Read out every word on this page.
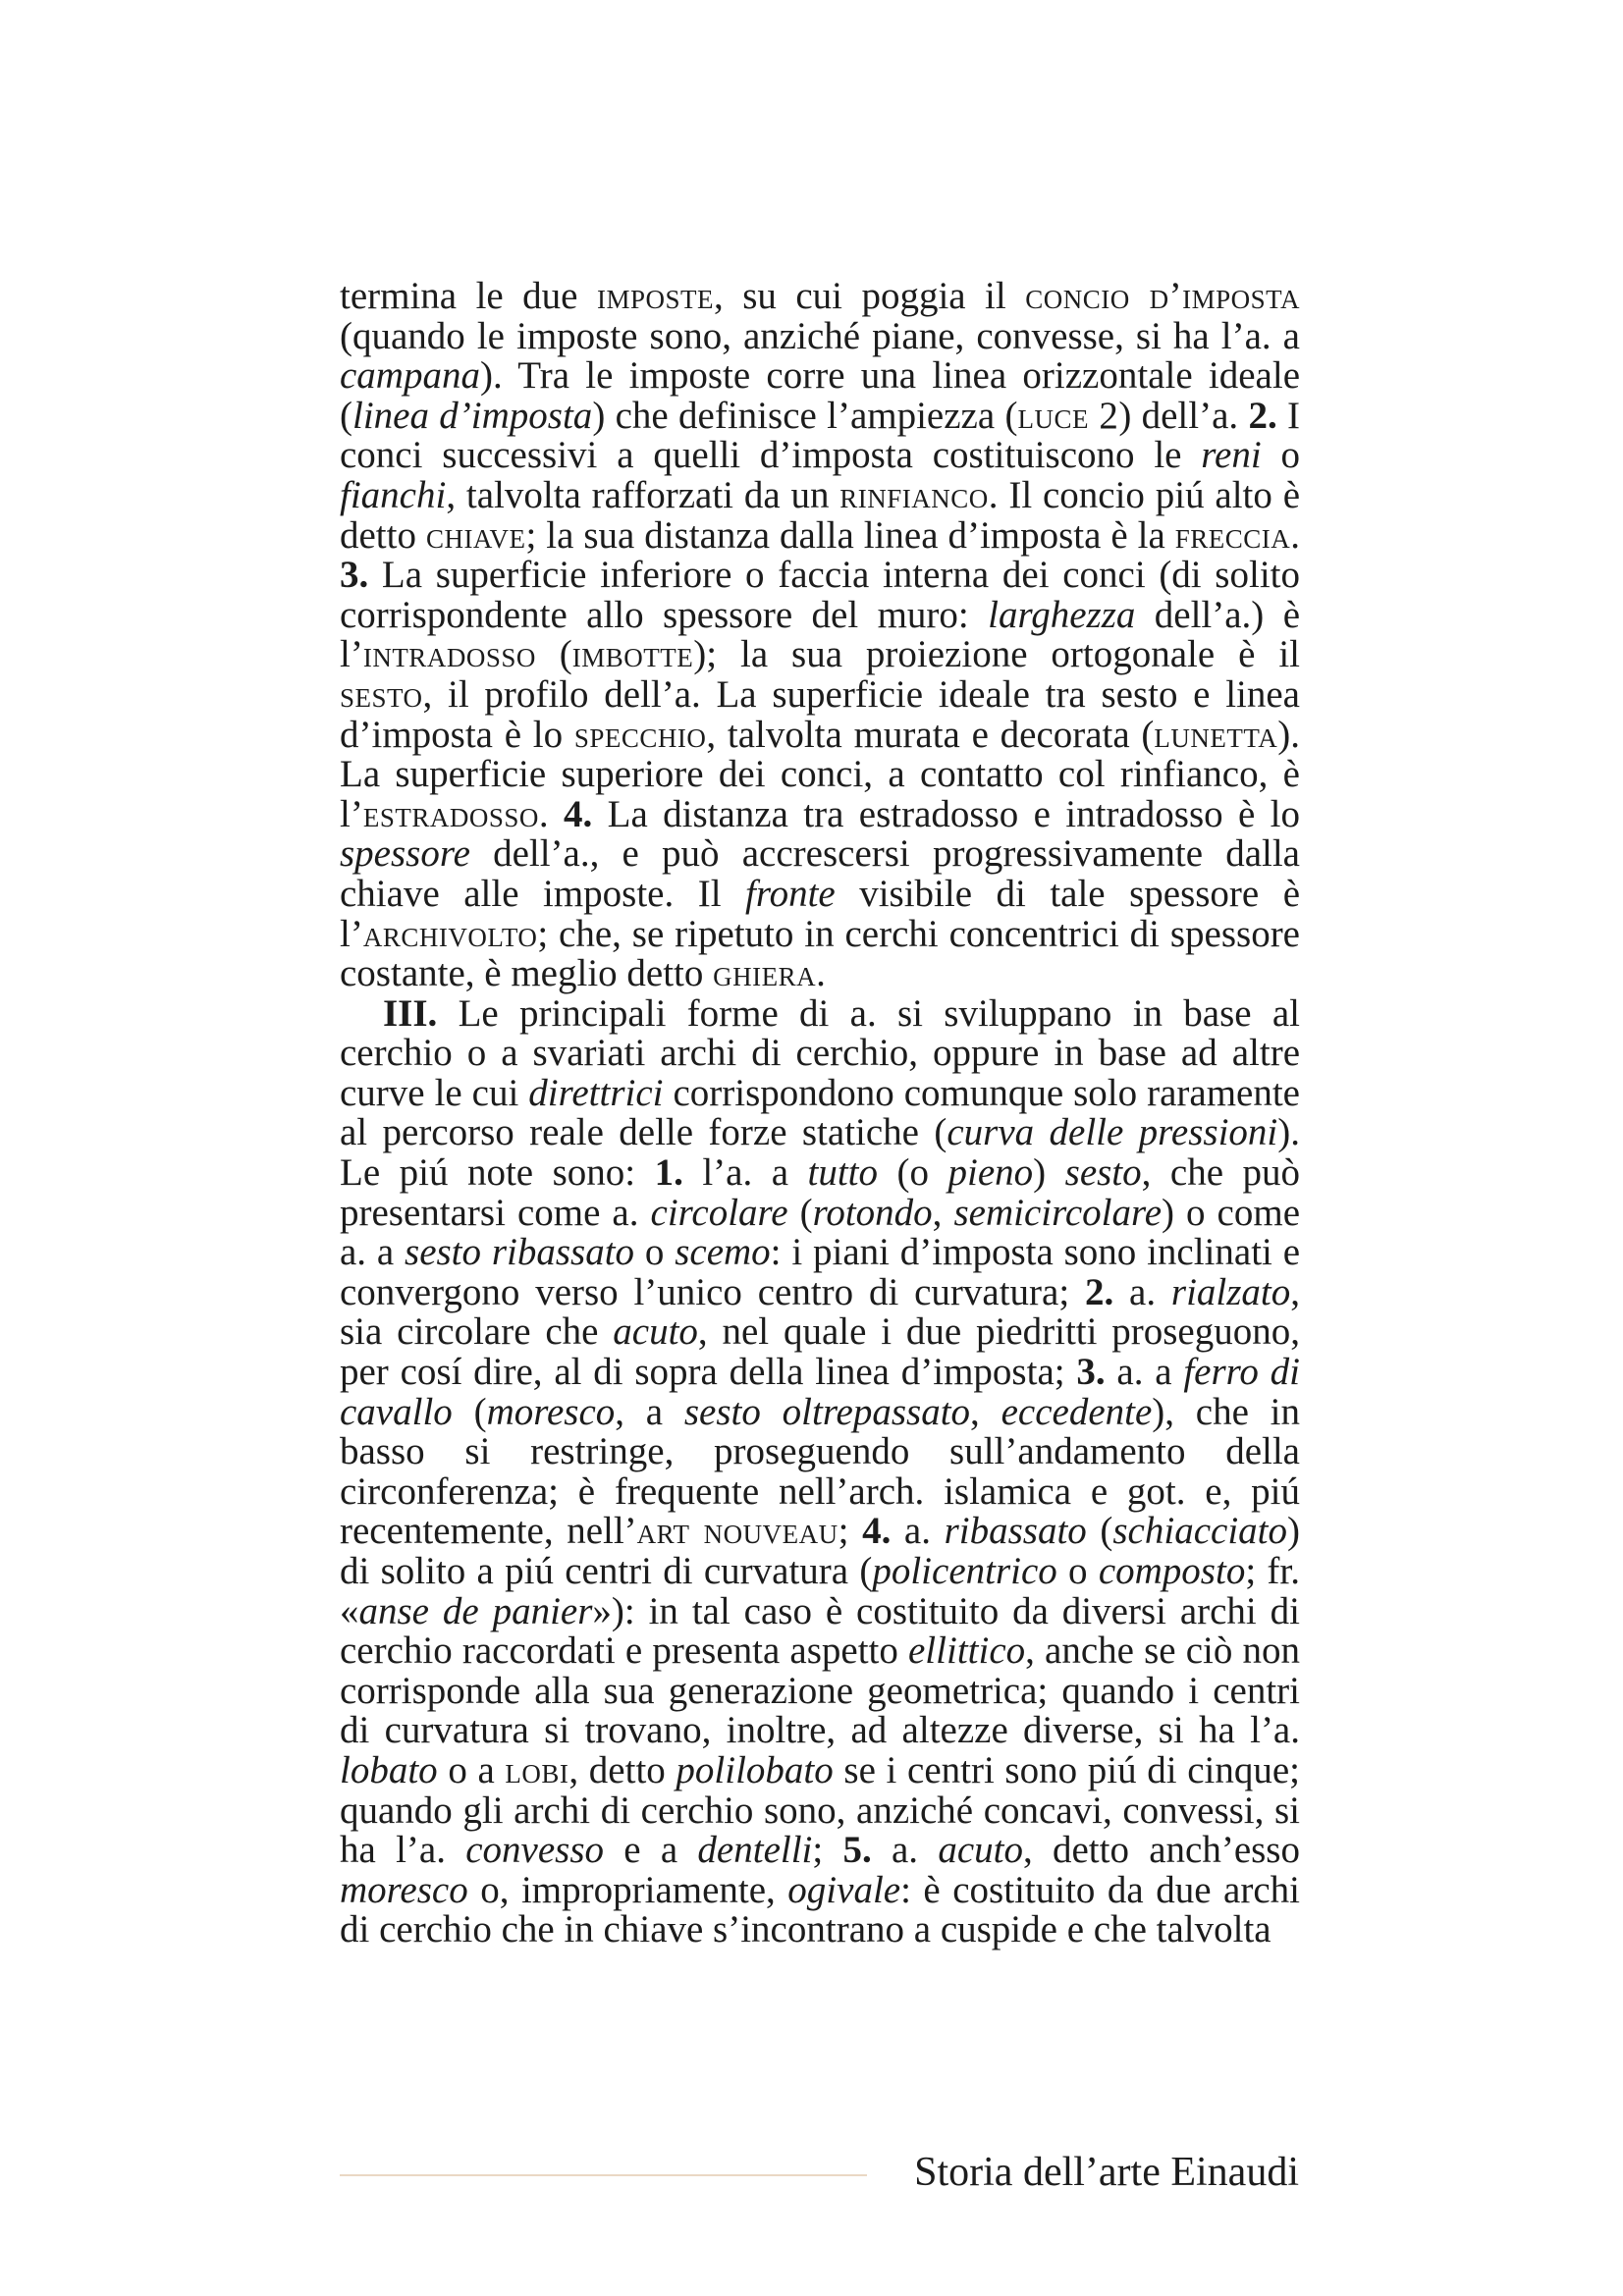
termina le due imposte, su cui poggia il concio d’imposta (quando le imposte sono, anziché piane, convesse, si ha l’a. a campana). Tra le imposte corre una linea orizzontale ideale (linea d’imposta) che definisce l’ampiezza (luce 2) dell’a. 2. I conci successivi a quelli d’imposta costituiscono le reni o fianchi, talvolta rafforzati da un rinfianco. Il concio piú alto è detto chiave; la sua distanza dalla linea d’imposta è la freccia. 3. La superficie inferiore o faccia interna dei conci (di solito corrispondente allo spessore del muro: larghezza dell’a.) è l’intradosso (imbotte); la sua proiezione ortogonale è il sesto, il profilo dell’a. La superficie ideale tra sesto e linea d’imposta è lo specchio, talvolta murata e decorata (lunetta). La superficie superiore dei conci, a contatto col rinfianco, è l’estradosso. 4. La distanza tra estradosso e intradosso è lo spessore dell’a., e può accrescersi progressivamente dalla chiave alle imposte. Il fronte visibile di tale spessore è l’archivolto; che, se ripetuto in cerchi concentrici di spessore costante, è meglio detto ghiera.

III. Le principali forme di a. si sviluppano in base al cerchio o a svariati archi di cerchio, oppure in base ad altre curve le cui direttrici corrispondono comunque solo raramente al percorso reale delle forze statiche (curva delle pressioni). Le piú note sono: 1. l’a. a tutto (o pieno) sesto, che può presentarsi come a. circolare (rotondo, semicircolare) o come a. a sesto ribassato o scemo: i piani d’imposta sono inclinati e convergono verso l’unico centro di curvatura; 2. a. rialzato, sia circolare che acuto, nel quale i due piedritti proseguono, per cosí dire, al di sopra della linea d’imposta; 3. a. a ferro di cavallo (moresco, a sesto oltrepassato, eccedente), che in basso si restringe, proseguendo sull’andamento della circonferenza; è frequente nell’arch. islamica e got. e, piú recentemente, nell’art nouveau; 4. a. ribassato (schiacciato) di solito a piú centri di curvatura (policentrico o composto; fr. «anse de panier»): in tal caso è costituito da diversi archi di cerchio raccordati e presenta aspetto ellittico, anche se ciò non corrisponde alla sua generazione geometrica; quando i centri di curvatura si trovano, inoltre, ad altezze diverse, si ha l’a. lobato o a lobi, detto polilobato se i centri sono piú di cinque; quando gli archi di cerchio sono, anziché concavi, convessi, si ha l’a. convesso e a dentelli; 5. a. acuto, detto anch’esso moresco o, impropriamente, ogivale: è costituito da due archi di cerchio che in chiave s’incontrano a cuspide e che talvolta

Storia dell’arte Einaudi
